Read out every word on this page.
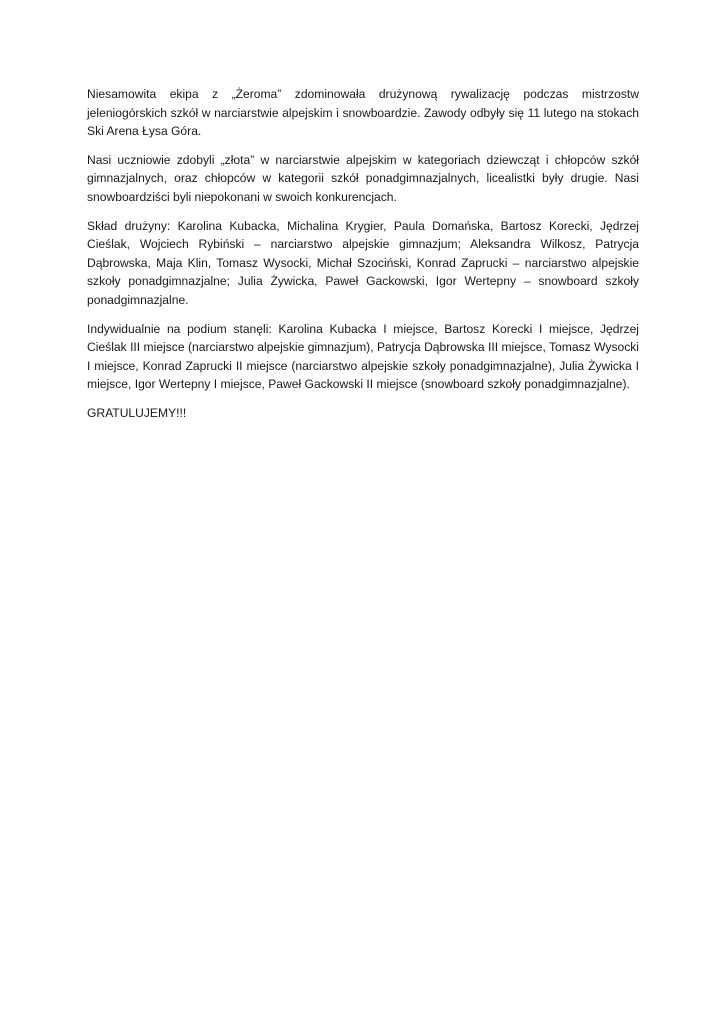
Niesamowita ekipa z „Żeroma” zdominowała drużynową rywalizację podczas mistrzostw jeleniogórskich szkół w narciarstwie alpejskim i snowboardzie. Zawody odbyły się 11 lutego na stokach Ski Arena Łysa Góra.

Nasi uczniowie zdobyli „złota” w narciarstwie alpejskim w kategoriach dziewcząt i chłopców szkół gimnazjalnych, oraz chłopców w kategorii szkół ponadgimnazjalnych, licealistki były drugie. Nasi snowboardziści byli niepokonani w swoich konkurencjach.

Skład drużyny: Karolina Kubacka, Michalina Krygier, Paula Domańska, Bartosz Korecki, Jędrzej Cieślak, Wojciech Rybiński – narciarstwo alpejskie gimnazjum; Aleksandra Wilkosz, Patrycja Dąbrowska, Maja Klin, Tomasz Wysocki, Michał Szociński, Konrad Zaprucki – narciarstwo alpejskie szkoły ponadgimnazjalne; Julia Żywicka, Paweł Gackowski, Igor Wertepny – snowboard szkoły ponadgimnazjalne.

Indywidualnie na podium stanęli: Karolina Kubacka I miejsce, Bartosz Korecki I miejsce, Jędrzej Cieślak III miejsce (narciarstwo alpejskie gimnazjum), Patrycja Dąbrowska III miejsce, Tomasz Wysocki I miejsce, Konrad Zaprucki II miejsce (narciarstwo alpejskie szkoły ponadgimnazjalne), Julia Żywicka I miejsce, Igor Wertepny I miejsce, Paweł Gackowski II miejsce (snowboard szkoły ponadgimnazjalne).

GRATULUJEMY!!!
